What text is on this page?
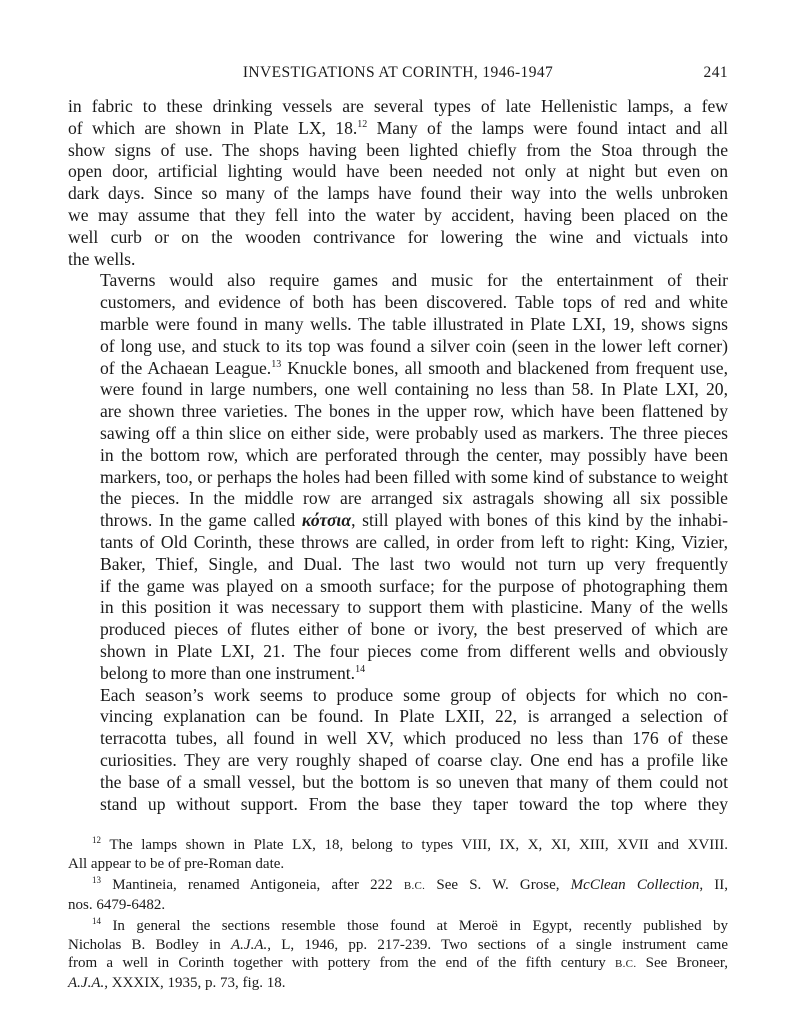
INVESTIGATIONS AT CORINTH, 1946-1947	241

in fabric to these drinking vessels are several types of late Hellenistic lamps, a few
of which are shown in Plate LX, 18.12 Many of the lamps were found intact and all
show signs of use. The shops having been lighted chiefly from the Stoa through the
open door, artificial lighting would have been needed not only at night but even on
dark days. Since so many of the lamps have found their way into the wells unbroken
we may assume that they fell into the water by accident, having been placed on the
well curb or on the wooden contrivance for lowering the wine and victuals into
the wells.

Taverns would also require games and music for the entertainment of their
customers, and evidence of both has been discovered. Table tops of red and white
marble were found in many wells. The table illustrated in Plate LXI, 19, shows signs
of long use, and stuck to its top was found a silver coin (seen in the lower left corner)
of the Achaean League.$^{13}$ Knuckle bones, all smooth and blackened from frequent use,
were found in large numbers, one well containing no less than 58. In Plate LXI, 20,
are shown three varieties. The bones in the upper row, which have been flattened by
sawing off a thin slice on either side, were probably used as markers. The three pieces
in the bottom row, which are perforated through the center, may possibly have been
markers, too, or perhaps the holes had been filled with some kind of substance to weight
the pieces. In the middle row are arranged six astragals showing all six possible
throws. In the game called κότσια, still played with bones of this kind by the inhabi-
tants of Old Corinth, these throws are called, in order from left to right: King, Vizier,
Baker, Thief, Single, and Dual. The last two would not turn up very frequently
if the game was played on a smooth surface; for the purpose of photographing them
in this position it was necessary to support them with plasticine. Many of the wells
produced pieces of flutes either of bone or ivory, the best preserved of which are
shown in Plate LXI, 21. The four pieces come from different wells and obviously
belong to more than one instrument.$^{14}$

Each season’s work seems to produce some group of objects for which no con-
vincing explanation can be found. In Plate LXII, 22, is arranged a selection of
terracotta tubes, all found in well XV, which produced no less than 176 of these
curiosities. They are very roughly shaped of coarse clay. One end has a profile like
the base of a small vessel, but the bottom is so uneven that many of them could not
stand up without support. From the base they taper toward the top where they

$^{12}$ The lamps shown in Plate LX, 18, belong to types VIII, IX, X, XI, XIII, XVII and XVIII.
All appear to be of pre-Roman date.
$^{13}$ Mantineia, renamed Antigoneia, after 222 B.C. See S. W. Grose, McClean Collection, II,
nos. 6479-6482.
$^{14}$ In general the sections resemble those found at Meroë in Egypt, recently published by
Nicholas B. Bodley in A.J.A., L, 1946, pp. 217-239. Two sections of a single instrument came
from a well in Corinth together with pottery from the end of the fifth century B.C. See Broneer,
A.J.A., XXXIX, 1935, p. 73, fig. 18.
